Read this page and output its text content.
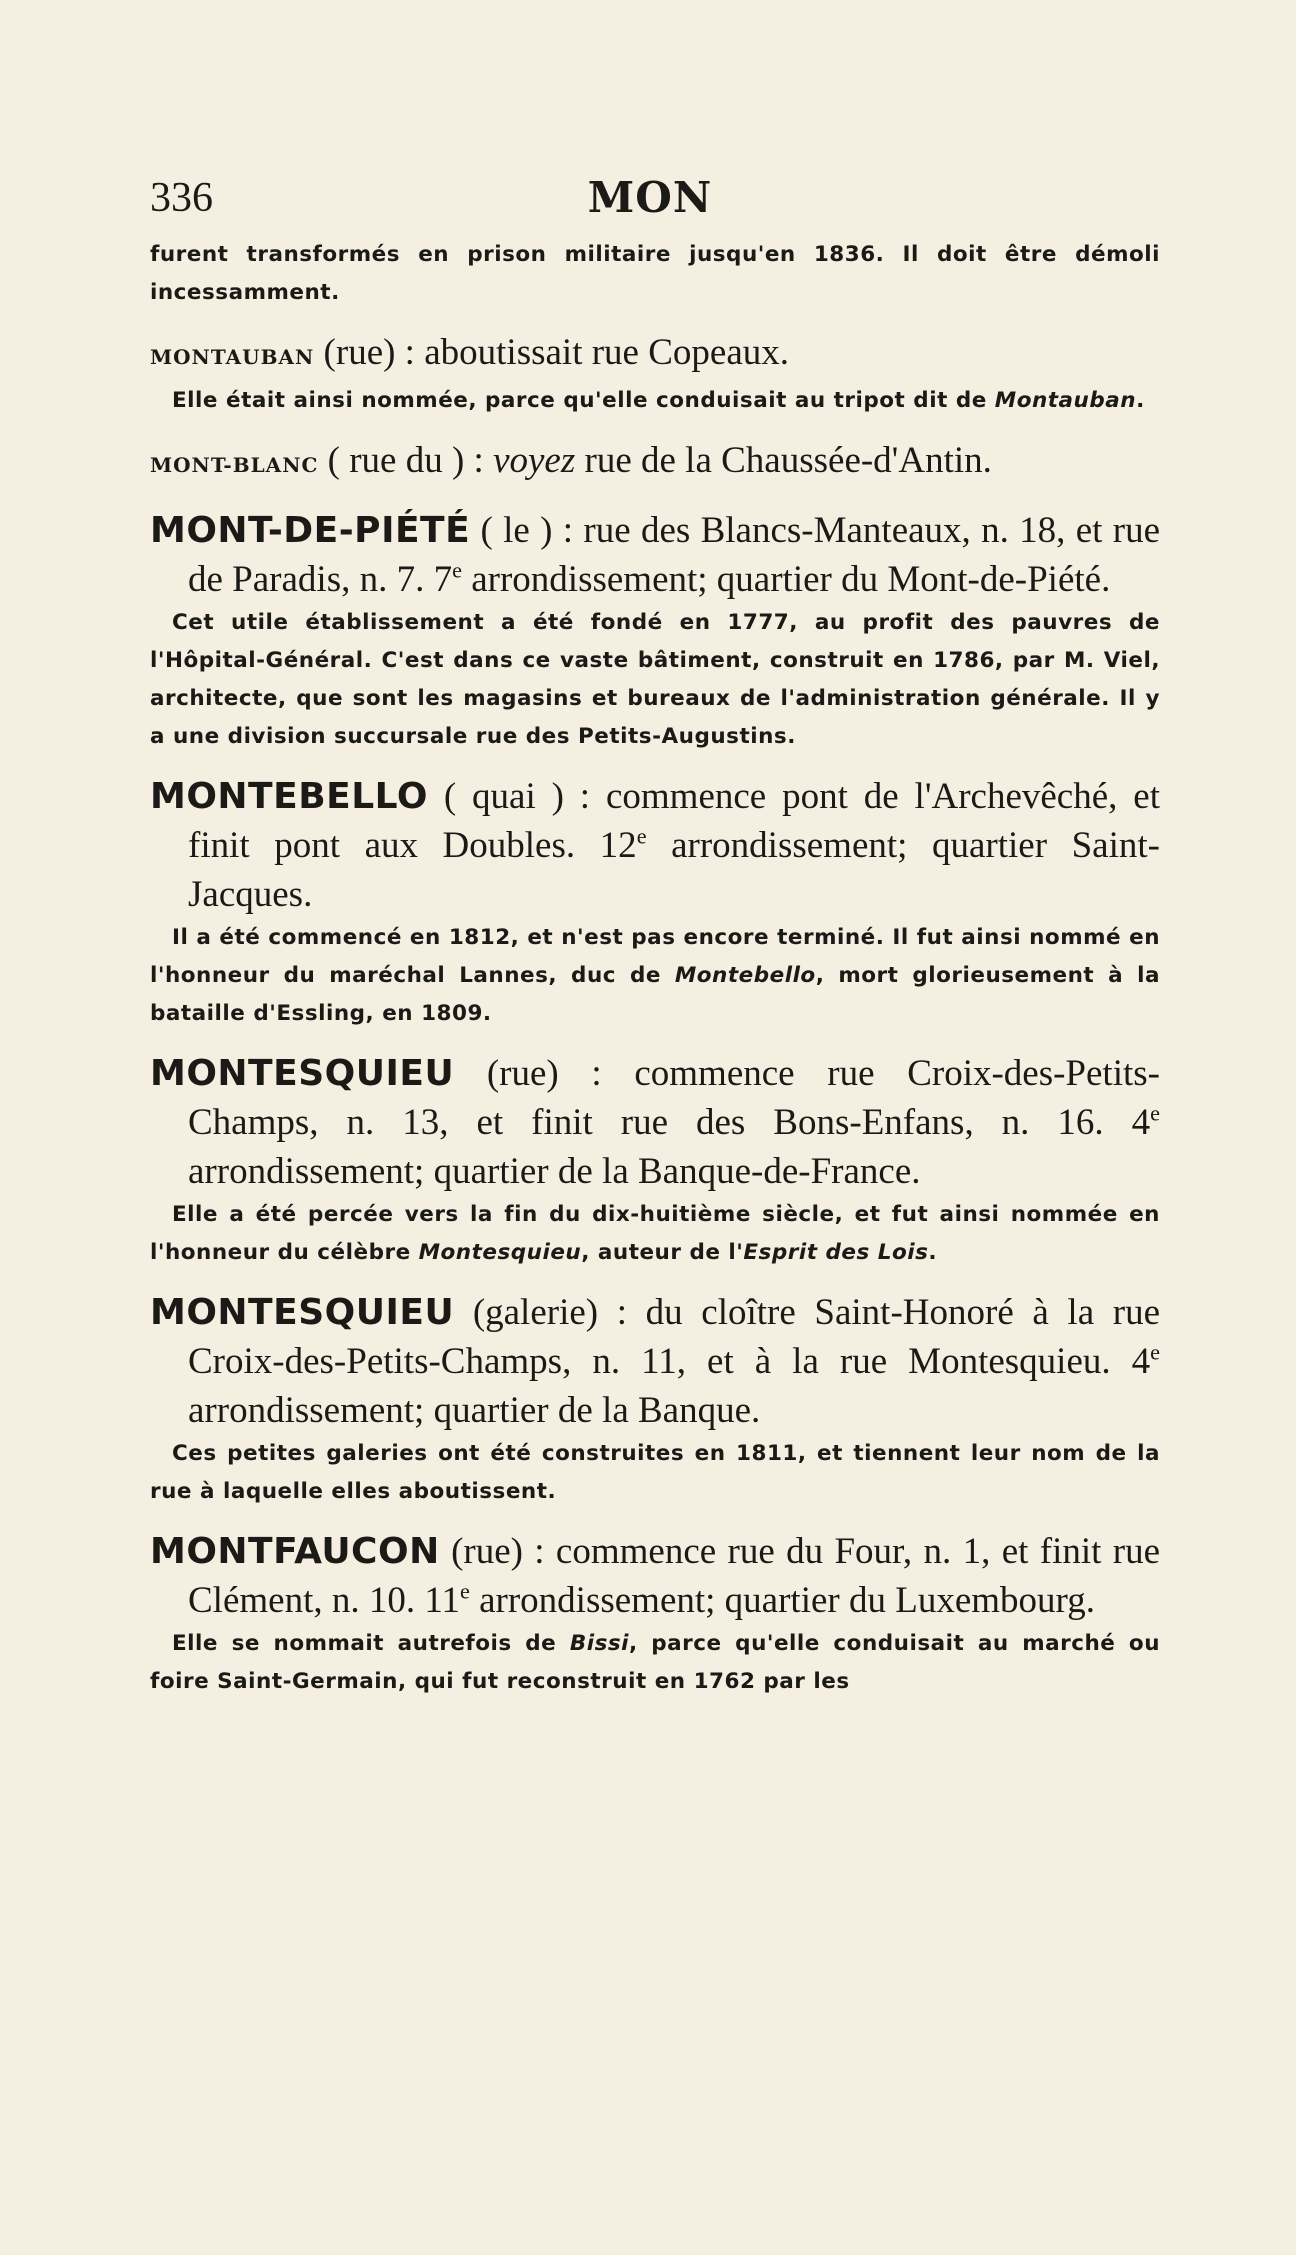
336	MON

furent transformés en prison militaire jusqu'en 1836. Il doit être démoli incessamment.

MONTAUBAN (rue) : aboutissait rue Copeaux.

Elle était ainsi nommée, parce qu'elle conduisait au tripot dit de Montauban.

MONT-BLANC ( rue du ) : voyez rue de la Chaussée-d'Antin.

MONT-DE-PIÉTÉ ( le ) : rue des Blancs-Manteaux, n. 18, et rue de Paradis, n. 7. 7e arrondissement; quartier du Mont-de-Piété.

Cet utile établissement a été fondé en 1777, au profit des pauvres de l'Hôpital-Général. C'est dans ce vaste bâtiment, construit en 1786, par M. Viel, architecte, que sont les magasins et bureaux de l'administration générale. Il y a une division succursale rue des Petits-Augustins.

MONTEBELLO ( quai ) : commence pont de l'Archevêché, et finit pont aux Doubles. 12e arrondissement; quartier Saint-Jacques.

Il a été commencé en 1812, et n'est pas encore terminé. Il fut ainsi nommé en l'honneur du maréchal Lannes, duc de Montebello, mort glorieusement à la bataille d'Essling, en 1809.

MONTESQUIEU (rue) : commence rue Croix-des-Petits-Champs, n. 13, et finit rue des Bons-Enfans, n. 16. 4e arrondissement; quartier de la Banque-de-France.

Elle a été percée vers la fin du dix-huitième siècle, et fut ainsi nommée en l'honneur du célèbre Montesquieu, auteur de l'Esprit des Lois.

MONTESQUIEU (galerie) : du cloître Saint-Honoré à la rue Croix-des-Petits-Champs, n. 11, et à la rue Montesquieu. 4e arrondissement; quartier de la Banque.

Ces petites galeries ont été construites en 1811, et tiennent leur nom de la rue à laquelle elles aboutissent.

MONTFAUCON (rue) : commence rue du Four, n. 1, et finit rue Clément, n. 10. 11e arrondissement; quartier du Luxembourg.

Elle se nommait autrefois de Bissi, parce qu'elle conduisait au marché ou foire Saint-Germain, qui fut reconstruit en 1762 par les
